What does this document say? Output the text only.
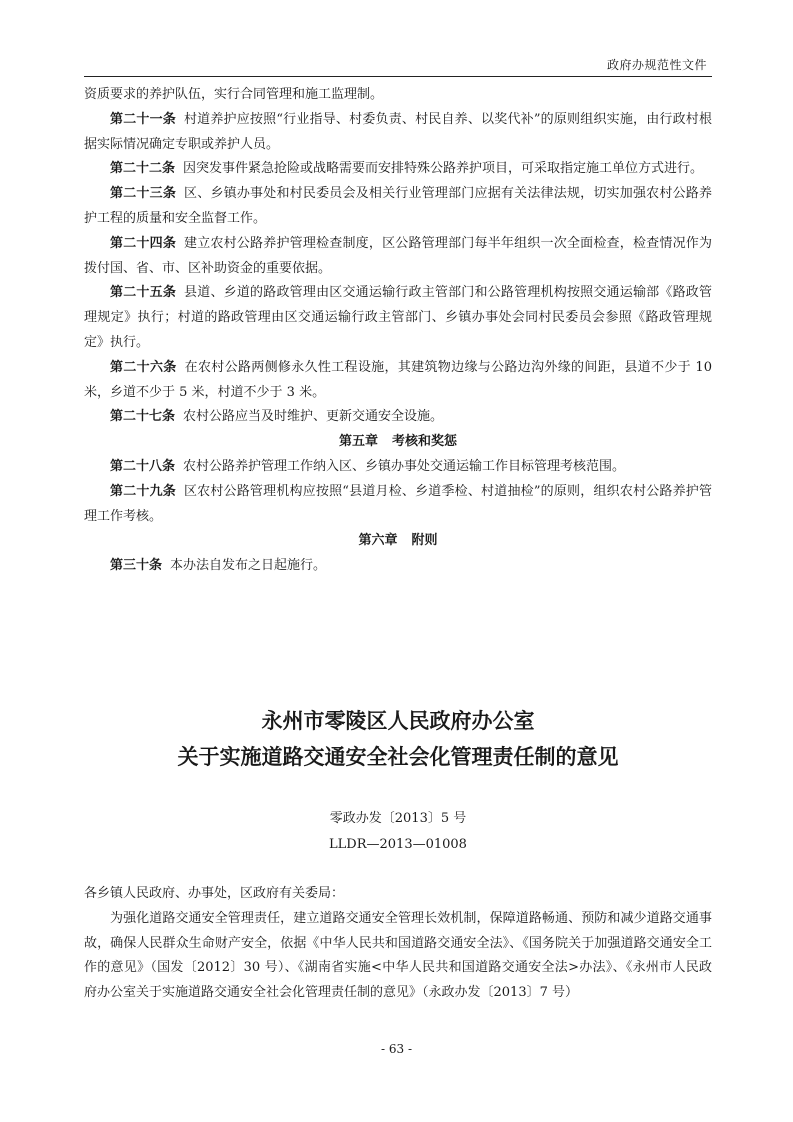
政府办规范性文件

资质要求的养护队伍，实行合同管理和施工监理制。

第二十一条 村道养护应按照“行业指导、村委负责、村民自养、以奖代补”的原则组织实施，由行政村根据实际情况确定专职或养护人员。

第二十二条 因突发事件紧急抢险或战略需要而安排特殊公路养护项目，可采取指定施工单位方式进行。

第二十三条 区、乡镇办事处和村民委员会及相关行业管理部门应据有关法律法规，切实加强农村公路养护工程的质量和安全监督工作。

第二十四条 建立农村公路养护管理检查制度，区公路管理部门每半年组织一次全面检查，检查情况作为拨付国、省、市、区补助资金的重要依据。

第二十五条 县道、乡道的路政管理由区交通运输行政主管部门和公路管理机构按照交通运输部《路政管理规定》执行；村道的路政管理由区交通运输行政主管部门、乡镇办事处会同村民委员会参照《路政管理规定》执行。

第二十六条 在农村公路两侧修永久性工程设施，其建筑物边缘与公路边沟外缘的间距，县道不少于 10 米，乡道不少于 5 米，村道不少于 3 米。

第二十七条 农村公路应当及时维护、更新交通安全设施。

第五章 考核和奖惩

第二十八条 农村公路养护管理工作纳入区、乡镇办事处交通运输工作目标管理考核范围。

第二十九条 区农村公路管理机构应按照“县道月检、乡道季检、村道抽检”的原则，组织农村公路养护管理工作考核。

第六章 附则

第三十条 本办法自发布之日起施行。

永州市零陵区人民政府办公室
关于实施道路交通安全社会化管理责任制的意见
零政办发〔2013〕5 号
LLDR—2013—01008

各乡镇人民政府、办事处，区政府有关委局：

为强化道路交通安全管理责任，建立道路交通安全管理长效机制，保障道路畅通、预防和减少道路交通事故，确保人民群众生命财产安全，依据《中华人民共和国道路交通安全法》、《国务院关于加强道路交通安全工作的意见》（国发〔2012〕30 号）、《湖南省实施<中华人民共和国道路交通安全法>办法》、《永州市人民政府办公室关于实施道路交通安全社会化管理责任制的意见》（永政办发〔2013〕7 号）

- 63 -
